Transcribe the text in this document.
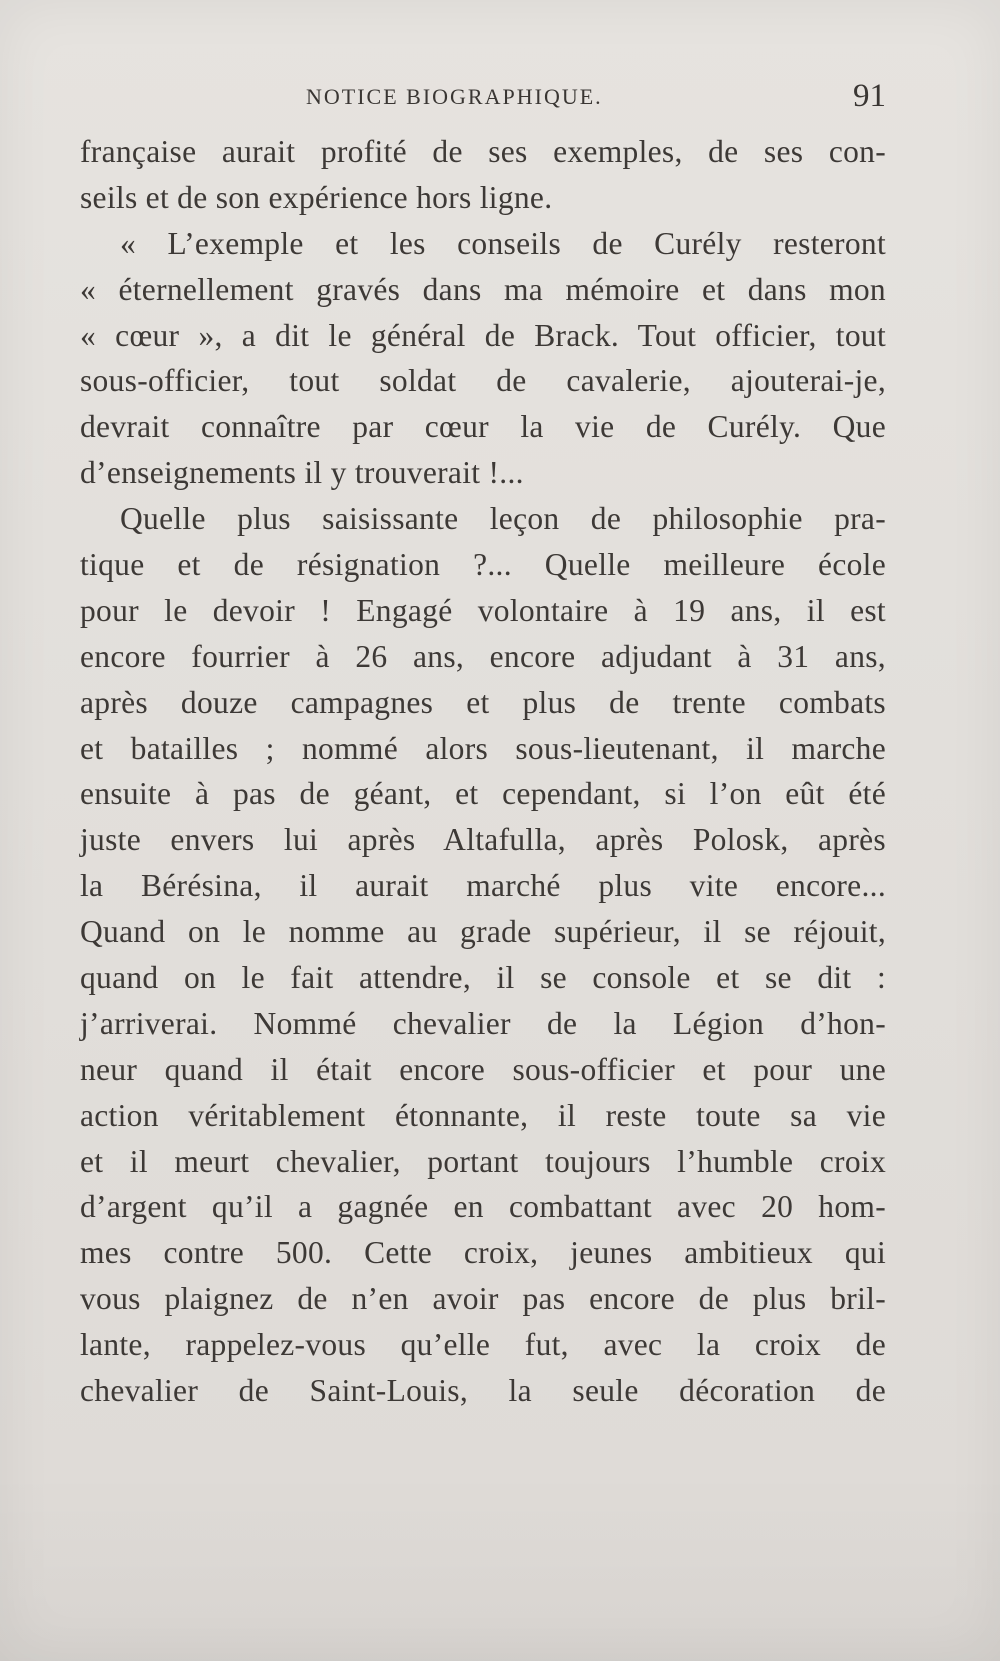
NOTICE BIOGRAPHIQUE.	91
française aurait profité de ses exemples, de ses con-
seils et de son expérience hors ligne.
« L’exemple et les conseils de Curély resteront
« éternellement gravés dans ma mémoire et dans mon
« cœur », a dit le général de Brack. Tout officier, tout
sous-officier, tout soldat de cavalerie, ajouterai-je,
devrait connaître par cœur la vie de Curély. Que
d’enseignements il y trouverait !...
Quelle plus saisissante leçon de philosophie pra-
tique et de résignation ?... Quelle meilleure école
pour le devoir ! Engagé volontaire à 19 ans, il est
encore fourrier à 26 ans, encore adjudant à 31 ans,
après douze campagnes et plus de trente combats
et batailles ; nommé alors sous-lieutenant, il marche
ensuite à pas de géant, et cependant, si l’on eût été
juste envers lui après Altafulla, après Polosk, après
la Bérésina, il aurait marché plus vite encore...
Quand on le nomme au grade supérieur, il se réjouit,
quand on le fait attendre, il se console et se dit :
j’arriverai. Nommé chevalier de la Légion d’hon-
neur quand il était encore sous-officier et pour une
action véritablement étonnante, il reste toute sa vie
et il meurt chevalier, portant toujours l’humble croix
d’argent qu’il a gagnée en combattant avec 20 hom-
mes contre 500. Cette croix, jeunes ambitieux qui
vous plaignez de n’en avoir pas encore de plus bril-
lante, rappelez-vous qu’elle fut, avec la croix de
chevalier de Saint-Louis, la seule décoration de
